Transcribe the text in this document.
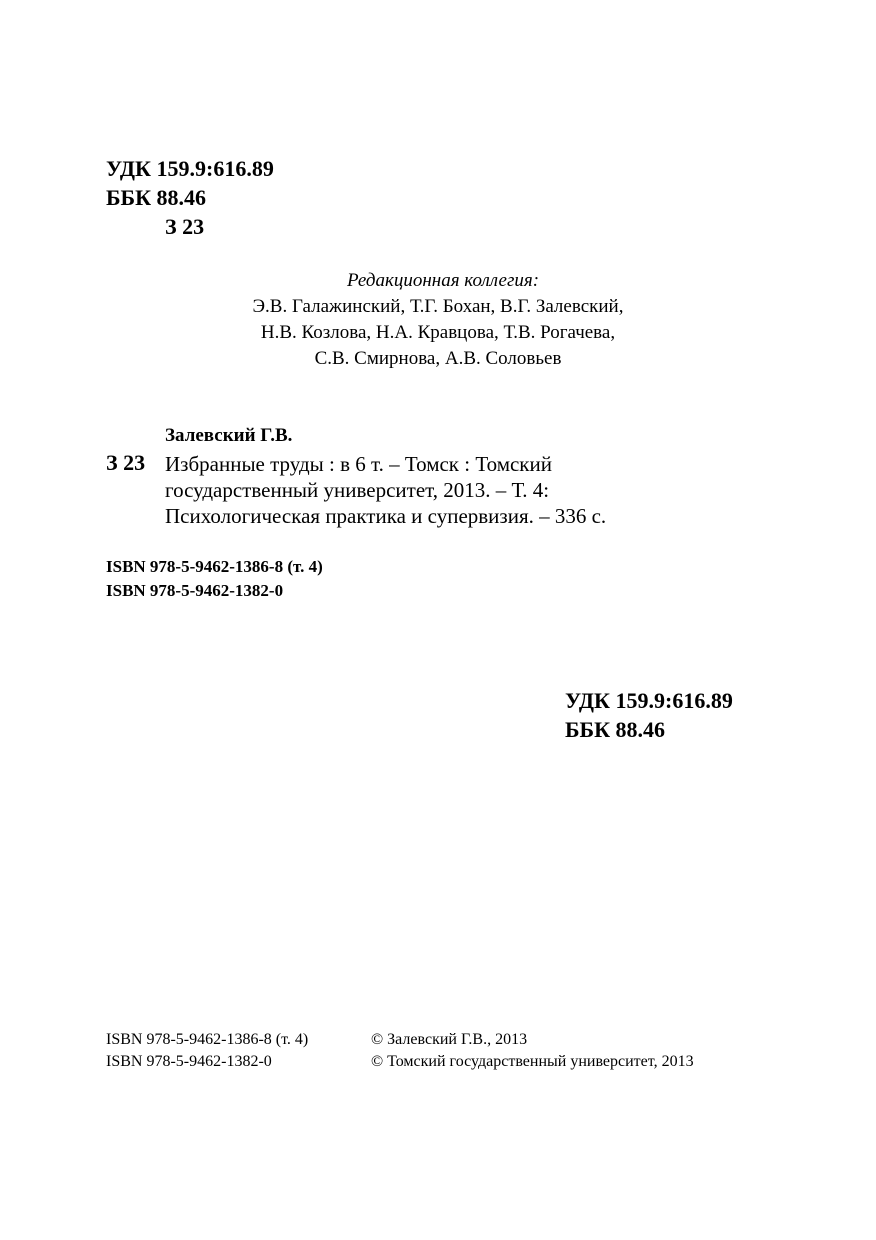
УДК 159.9:616.89
ББК 88.46
З 23
Редакционная коллегия:
Э.В. Галажинский, Т.Г. Бохан, В.Г. Залевский,
Н.В. Козлова, Н.А. Кравцова, Т.В. Рогачева,
С.В. Смирнова, А.В. Соловьев
Залевский Г.В.
З 23 Избранные труды : в 6 т. – Томск : Томский
государственный университет, 2013. – Т. 4:
Психологическая практика и супервизия. – 336 с.
ISBN 978-5-9462-1386-8 (т. 4)
ISBN 978-5-9462-1382-0
УДК 159.9:616.89
ББК 88.46
ISBN 978-5-9462-1386-8 (т. 4)
ISBN 978-5-9462-1382-0
© Залевский Г.В., 2013
© Томский государственный университет, 2013
